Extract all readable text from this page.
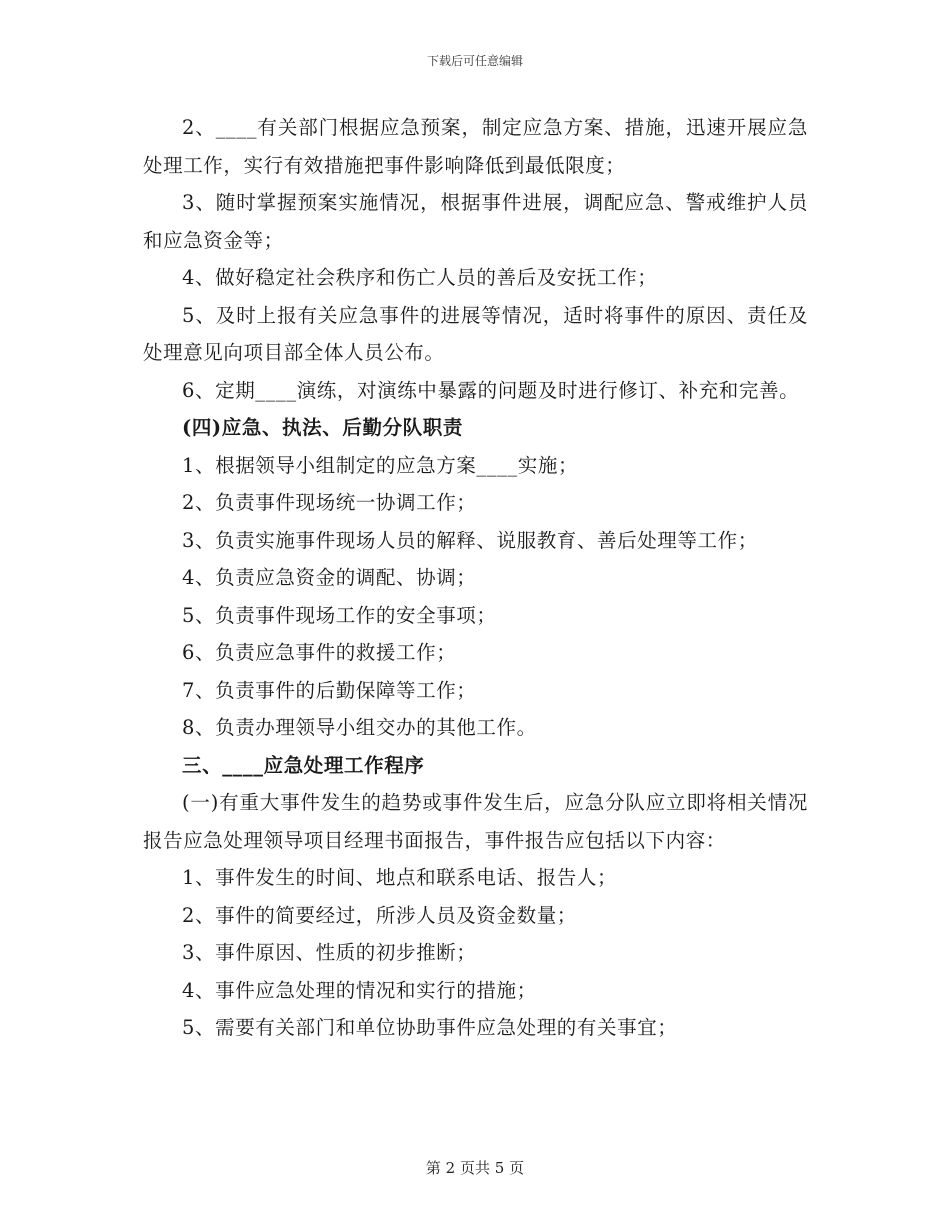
下载后可任意编辑

2、____有关部门根据应急预案，制定应急方案、措施，迅速开展应急处理工作，实行有效措施把事件影响降低到最低限度；

3、随时掌握预案实施情况，根据事件进展，调配应急、警戒维护人员和应急资金等；

4、做好稳定社会秩序和伤亡人员的善后及安抚工作；

5、及时上报有关应急事件的进展等情况，适时将事件的原因、责任及处理意见向项目部全体人员公布。

6、定期____演练，对演练中暴露的问题及时进行修订、补充和完善。

(四)应急、执法、后勤分队职责

1、根据领导小组制定的应急方案____实施；

2、负责事件现场统一协调工作；

3、负责实施事件现场人员的解释、说服教育、善后处理等工作；

4、负责应急资金的调配、协调；

5、负责事件现场工作的安全事项；

6、负责应急事件的救援工作；

7、负责事件的后勤保障等工作；

8、负责办理领导小组交办的其他工作。

三、____应急处理工作程序

(一)有重大事件发生的趋势或事件发生后，应急分队应立即将相关情况报告应急处理领导项目经理书面报告，事件报告应包括以下内容：

1、事件发生的时间、地点和联系电话、报告人；

2、事件的简要经过，所涉人员及资金数量；

3、事件原因、性质的初步推断；

4、事件应急处理的情况和实行的措施；

5、需要有关部门和单位协助事件应急处理的有关事宜；

第 2 页共 5 页
